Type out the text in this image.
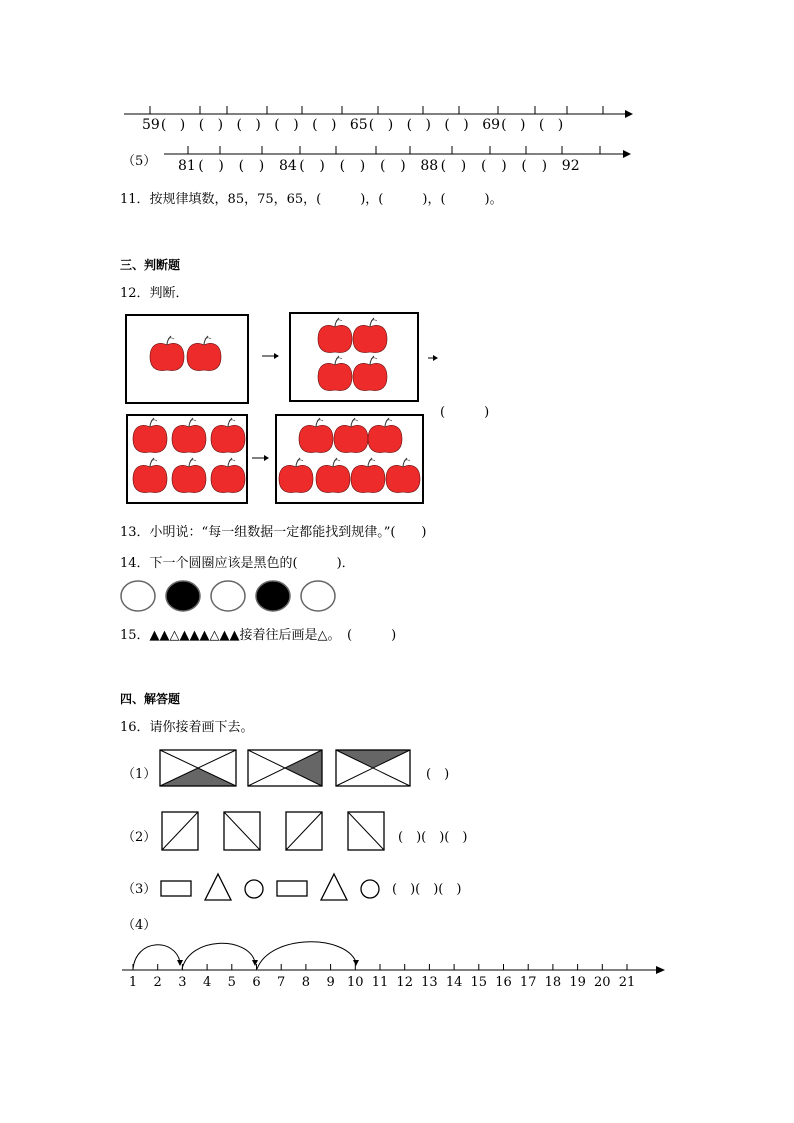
59 ( ) ( ) ( ) ( ) ( ) 65 ( ) ( ) ( ) 69 ( ) ( )
（5） 81 ( ) ( ) 84 ( ) ( ) ( ) 88 ( ) ( ) ( ) 92
11．按规律填数，85，75，65，(　　　)，(　　　)，(　　　)。
三、判断题
12．判断．
(　　　)
13．小明说：“每一组数据一定都能找到规律。”(　　)
14．下一个圆圈应该是黑色的(　　　)．
15．▲▲△▲▲▲△▲▲接着往后画是△。　(　　　)
四、解答题
16．请你接着画下去。
（1）	(　)
（2）	(　)(　)(　)
（3）	(　)(　)(　)
（4）
1 2 3 4 5 6 7 8 9 10 11 12 13 14 15 16 17 18 19 20 21
